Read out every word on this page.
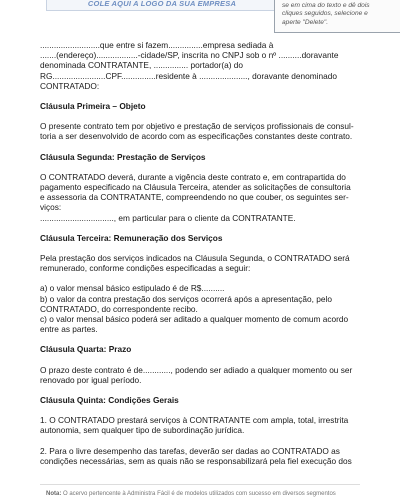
COLE AQUI A LOGO DA SUA EMPRESA	se em cima do texto e dê dois
cliques seguidos, selecione e
aperte "Delete".
..........................que entre si fazem...............empresa sediada à
.......(endereço)..................-cidade/SP, inscrita no CNPJ sob o nº ..........doravante
denominada CONTRATANTE, ............... portador(a) do
RG.......................CPF...............residente à ....................., doravante denominado
CONTRATADO:
Cláusula Primeira – Objeto
O presente contrato tem por objetivo e prestação de serviços profissionais de consul-
toria a ser desenvolvido de acordo com as especificações constantes deste contrato.
Cláusula Segunda: Prestação de Serviços
O CONTRATADO deverá, durante a vigência deste contrato e, em contrapartida do
pagamento especificado na Cláusula Terceira, atender as solicitações de consultoria
e assessoria da CONTRATANTE, compreendendo no que couber, os seguintes ser-
viços:
................................, em particular para o cliente da CONTRATANTE.
Cláusula Terceira: Remuneração dos Serviços
Pela prestação dos serviços indicados na Cláusula Segunda, o CONTRATADO será
remunerado, conforme condições especificadas a seguir:
a) o valor mensal básico estipulado é de R$..........
b) o valor da contra prestação dos serviços ocorrerá após a apresentação, pelo
CONTRATADO, do correspondente recibo.
c) o valor mensal básico poderá ser aditado a qualquer momento de comum acordo
entre as partes.
Cláusula Quarta: Prazo
O prazo deste contrato é de............, podendo ser adiado a qualquer momento ou ser
renovado por igual período.
Cláusula Quinta: Condições Gerais
1. O CONTRATADO prestará serviços à CONTRATANTE com ampla, total, irrestrita
autonomia, sem qualquer tipo de subordinação jurídica.
2. Para o livre desempenho das tarefas, deverão ser dadas ao CONTRATADO as
condições necessárias, sem as quais não se responsabilizará pela fiel execução dos
Nota: O acervo pertencente à Administra Fácil é de modelos utilizados com sucesso em diversos segmentos
